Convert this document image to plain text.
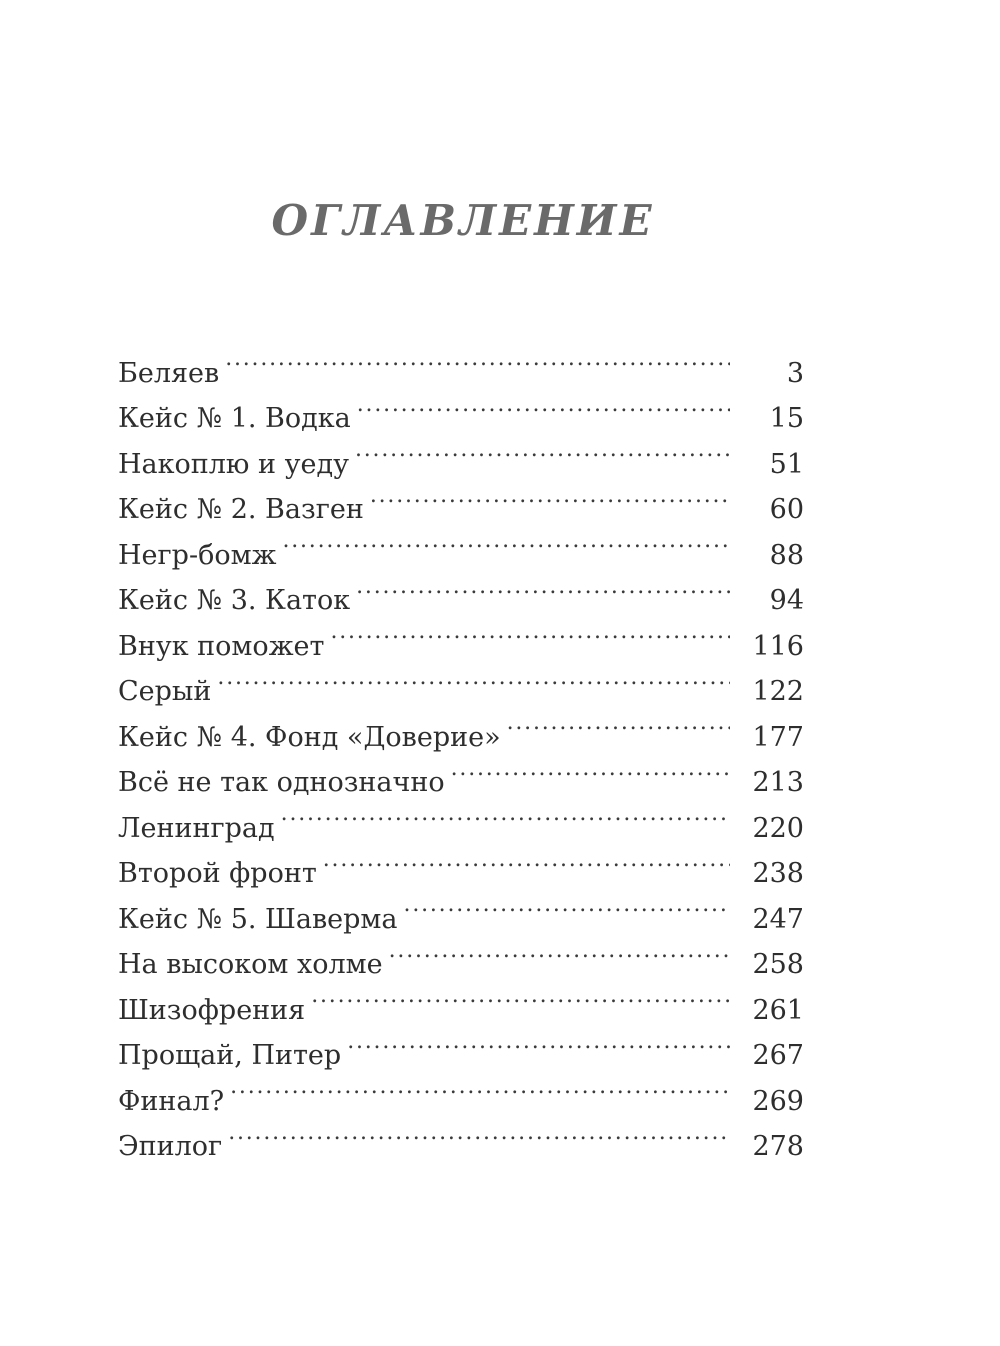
ОГЛАВЛЕНИЕ
Беляев . . .	3
Кейс № 1. Водка . . .	15
Накоплю и уеду . . .	51
Кейс № 2. Вазген . . .	60
Негр-бомж . . .	88
Кейс № 3. Каток . . .	94
Внук поможет . . .	116
Серый . . .	122
Кейс № 4. Фонд «Доверие» . . .	177
Всё не так однозначно . . .	213
Ленинград . . .	220
Второй фронт . . .	238
Кейс № 5. Шаверма . . .	247
На высоком холме . . .	258
Шизофрения . . .	261
Прощай, Питер . . .	267
Финал? . . .	269
Эпилог . . .	278
